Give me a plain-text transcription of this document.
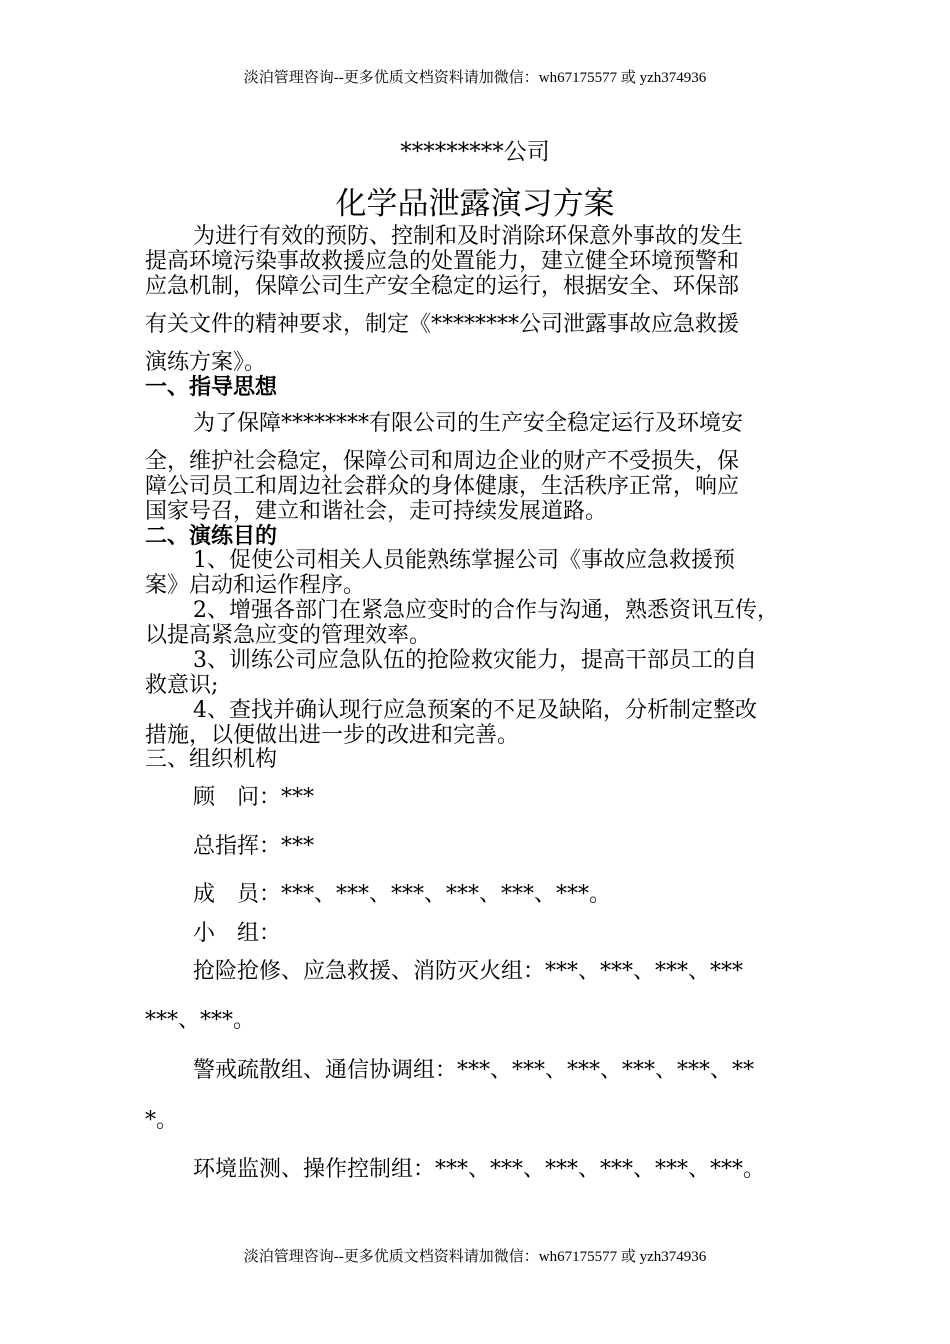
淡泊管理咨询--更多优质文档资料请加微信：wh67175577 或 yzh374936
*********公司
化学品泄露演习方案
为进行有效的预防、控制和及时消除环保意外事故的发生
提高环境污染事故救援应急的处置能力，建立健全环境预警和
应急机制，保障公司生产安全稳定的运行，根据安全、环保部
有关文件的精神要求，制定《********公司泄露事故应急救援
演练方案》。
一、指导思想
为了保障********有限公司的生产安全稳定运行及环境安
全，维护社会稳定，保障公司和周边企业的财产不受损失，保
障公司员工和周边社会群众的身体健康，生活秩序正常，响应
国家号召，建立和谐社会，走可持续发展道路。
二、演练目的
1、促使公司相关人员能熟练掌握公司《事故应急救援预
案》启动和运作程序。
2、增强各部门在紧急应变时的合作与沟通，熟悉资讯互传，
以提高紧急应变的管理效率。
3、训练公司应急队伍的抢险救灾能力，提高干部员工的自
救意识;
4、查找并确认现行应急预案的不足及缺陷，分析制定整改
措施，以便做出进一步的改进和完善。
三、组织机构
顾　问：***
总指挥：***
成　员：***、***、***、***、***、***。
小　组：
抢险抢修、应急救援、消防灭火组：***、***、***、***
***、***。
警戒疏散组、通信协调组：***、***、***、***、***、**
*。
环境监测、操作控制组：***、***、***、***、***、***。
淡泊管理咨询--更多优质文档资料请加微信：wh67175577 或 yzh374936
